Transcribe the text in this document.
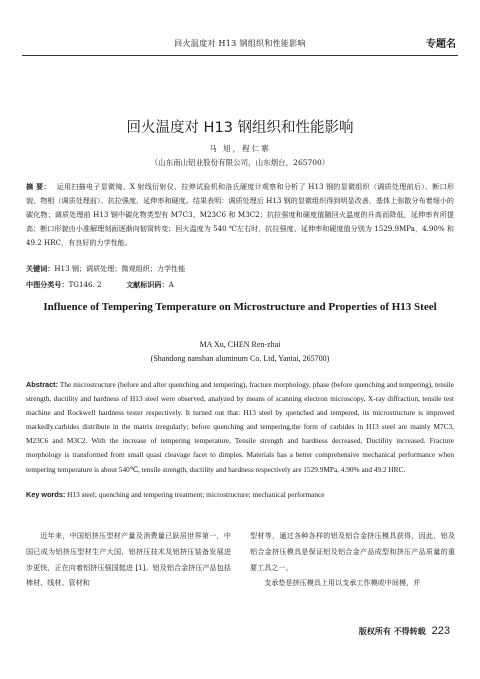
回火温度对 H13 钢组织和性能影响	专题名
回火温度对 H13 钢组织和性能影响
马 旭，程仁寨
（山东南山铝业股份有限公司，山东烟台，265700）
摘 要： 运用扫描电子显微镜、X 射线衍射仪、拉伸试验机和洛氏硬度计观察和分析了 H13 钢的显微组织（调质处理前后）、断口形貌、物相（调质处理前）、抗拉强度、延伸率和硬度。结果表明：调质处理后 H13 钢的显微组织得到明显改善，基体上弥散分布着细小的碳化物；调质处理前 H13 钢中碳化物类型有 M7C3、M23C6 和 M3C2；抗拉强度和硬度值随回火温度的升高而降低，延伸率有所提高；断口形貌由小准解理刻面逐渐向韧窝转变；回火温度为 540 ℃左右时，抗拉强度、延伸率和硬度值分别为 1529.9MPa，4.90% 和 49.2 HRC，有良好的力学性能。
关键词：H13 钢；调质处理；微观组织；力学性能
中图分类号：TG146. 2	文献标识码：A
Influence of Tempering Temperature on Microstructure and Properties of H13 Steel
MA Xu, CHEN Ren-zhai
(Shandong nanshan aluminum Co. Ltd, Yantai, 265700)
Abstract: The microstructure (before and after quenching and tempering), fracture morphology, phase (before quenching and tempering), tensile strength, ductility and hardness of H13 steel were observed, analyzed by means of scanning electron microscopy, X-ray diffraction, tensile test machine and Rockwell hardness tester respectively. It turned out that: H13 steel by quenched and tempered, its microstructure is improved markedly.carbides distribute in the matrix irregularly; before quenching and tempering,the form of carbides in H13 steel are mainly M7C3, M23C6 and M3C2. With the increase of tempering temperature, Tensile strength and hardness decreased, Ductility increased. Fracture morphology is transformed from small quasi cleavage facet to dimples. Materials has a better comprehensive mechanical performance when tempering temperature is about 540℃, tensile strength, ductility and hardness respectively are 1529.9MPa, 4.90% and 49.2 HRC.
Key words: H13 steel; quenching and tempering treatment; microstructure; mechanical performance

近年来，中国铝挤压型材产量及消费量已跃居世界第一，中国已成为铝挤压型材生产大国，铝挤压技术及铝挤压装备发展进步更快，正在向着铝挤压强国挺进 [1]。铝及铝合金挤压产品包括棒材、线材、管材和

型材等，通过各种各样的铝及铝合金挤压模具获得，因此，铝及铝合金挤压模具是保证铝及铝合金产品成型和挤压产品质量的重要工具之一。

支承垫是挤压模具上用以支承工作模或中间模，并

版权所有 不得转载 223
